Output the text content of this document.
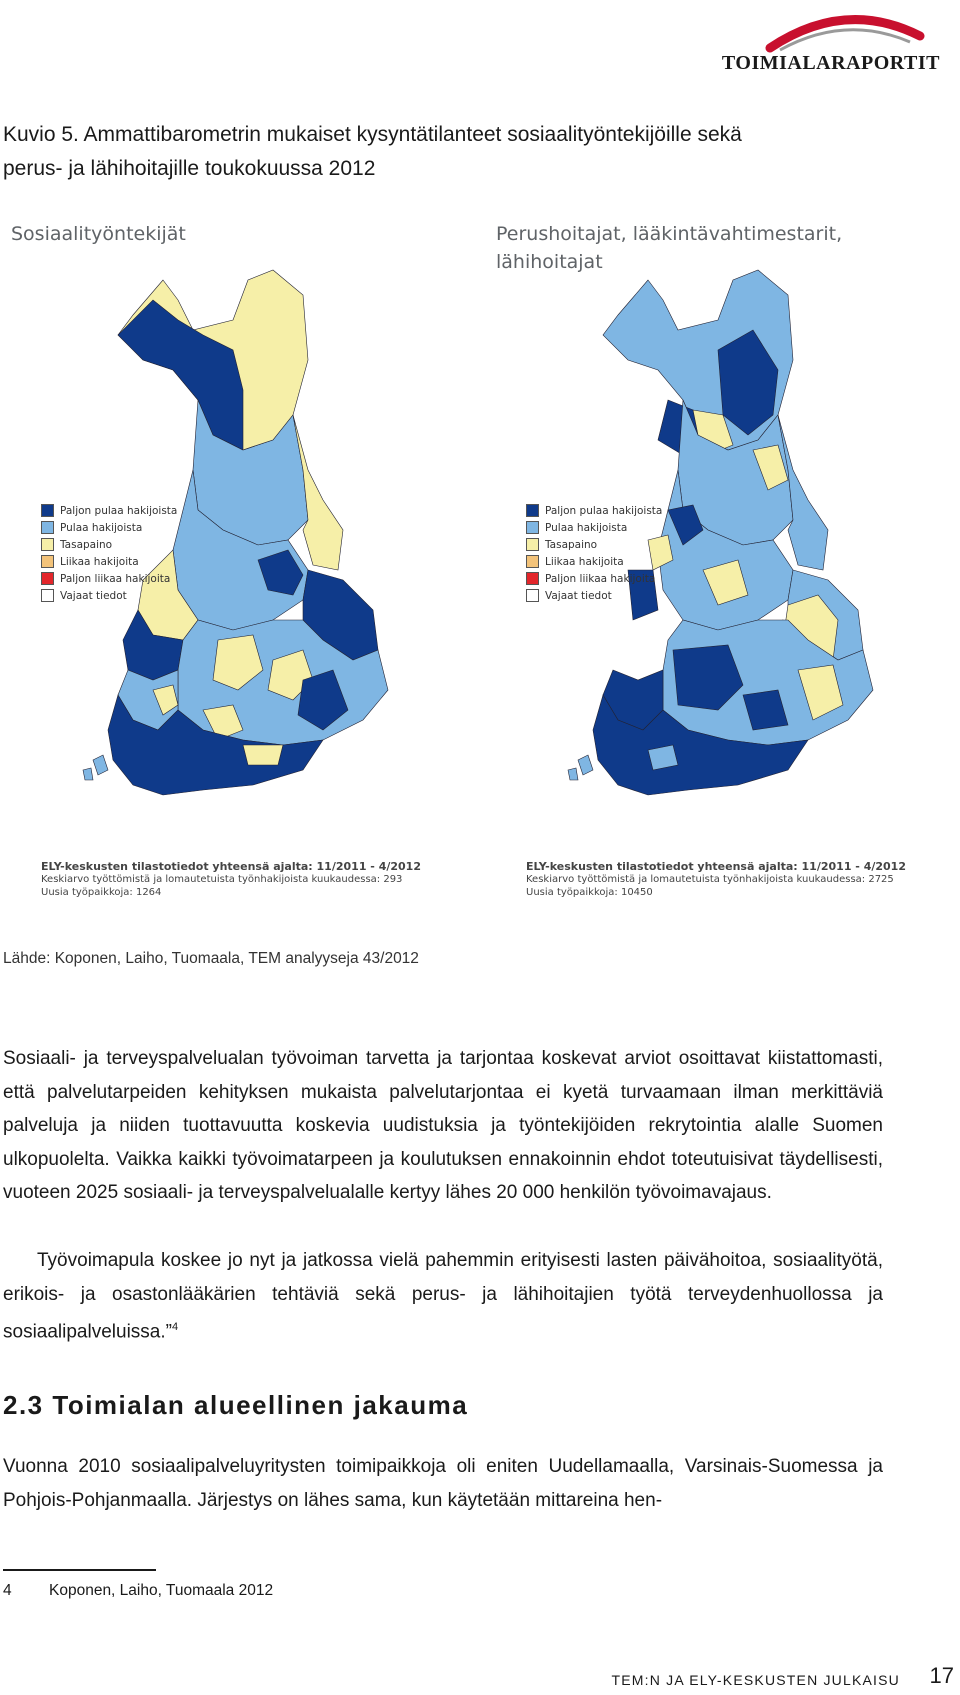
TOIMIALARAPORTIT
Kuvio 5. Ammattibarometrin mukaiset kysyntätilanteet sosiaalityöntekijöille sekä
perus- ja lähihoitajille toukokuussa 2012
Sosiaalityöntekijät
Paljon pulaa hakijoista
Pulaa hakijoista
Tasapaino
Liikaa hakijoita
Paljon liikaa hakijoita
Vajaat tiedot
ELY-keskusten tilastotiedot yhteensä ajalta: 11/2011 - 4/2012
Keskiarvo työttömistä ja lomautetuista työnhakijoista kuukaudessa: 293
Uusia työpaikkoja: 1264
Perushoitajat, lääkintävahtimestarit,
lähihoitajat
Paljon pulaa hakijoista
Pulaa hakijoista
Tasapaino
Liikaa hakijoita
Paljon liikaa hakijoita
Vajaat tiedot
ELY-keskusten tilastotiedot yhteensä ajalta: 11/2011 - 4/2012
Keskiarvo työttömistä ja lomautetuista työnhakijoista kuukaudessa: 2725
Uusia työpaikkoja: 10450
Lähde: Koponen, Laiho, Tuomaala, TEM analyyseja 43/2012
Sosiaali- ja terveyspalvelualan työvoiman tarvetta ja tarjontaa koskevat arviot osoittavat kiistattomasti, että palvelutarpeiden kehityksen mukaista palvelutarjontaa ei kyetä turvaamaan ilman merkittäviä palveluja ja niiden tuottavuutta koskevia uudistuksia ja työntekijöiden rekrytointia alalle Suomen ulkopuolelta. Vaikka kaikki työvoimatarpeen ja koulutuksen ennakoinnin ehdot toteutuisivat täydellisesti, vuoteen 2025 sosiaali- ja terveyspalvelualalle kertyy lähes 20 000 henkilön työvoimavajaus.
Työvoimapula koskee jo nyt ja jatkossa vielä pahemmin erityisesti lasten päivähoitoa, sosiaalityötä, erikois- ja osastonlääkärien tehtäviä sekä perus- ja lähihoitajien työtä terveydenhuollossa ja sosiaalipalveluissa.”$^4$
2.3 Toimialan alueellinen jakauma
Vuonna 2010 sosiaalipalveluyritysten toimipaikkoja oli eniten Uudellamaalla, Varsinais-Suomessa ja Pohjois-Pohjanmaalla. Järjestys on lähes sama, kun käytetään mittareina hen-
4 Koponen, Laiho, Tuomaala 2012
TEM:N JA ELY-KESKUSTEN JULKAISU 17
